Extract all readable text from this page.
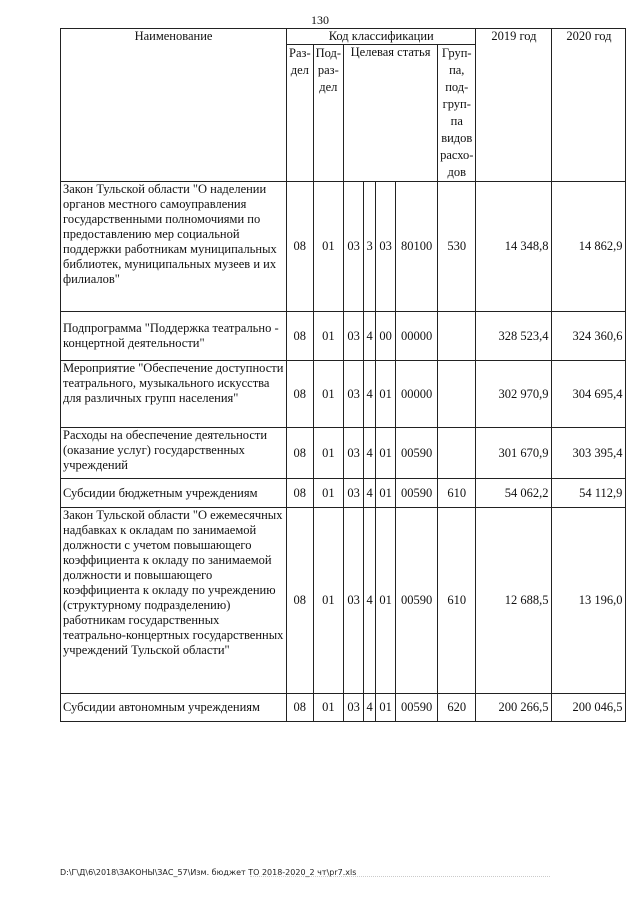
130
Наименование	Код классификации							2019 год	2020 год
	Раз-дел	Под-раз-дел	Целевая статья				Груп-па, под-груп-па видов расхо-дов		
Закон Тульской области "О наделении органов местного самоуправления государственными полномочиями по предоставлению мер социальной поддержки работникам муниципальных библиотек, муниципальных музеев и их филиалов"	08	01	03	3	03	80100	530	14 348,8	14 862,9
Подпрограмма "Поддержка театрально - концертной деятельности"	08	01	03	4	00	00000		328 523,4	324 360,6
Мероприятие "Обеспечение доступности театрального, музыкального искусства для различных групп населения"	08	01	03	4	01	00000		302 970,9	304 695,4
Расходы на обеспечение деятельности (оказание услуг) государственных учреждений	08	01	03	4	01	00590		301 670,9	303 395,4
Субсидии бюджетным учреждениям	08	01	03	4	01	00590	610	54 062,2	54 112,9
Закон Тульской области "О ежемесячных надбавках к окладам по занимаемой должности с учетом повышающего коэффициента к окладу по занимаемой должности и повышающего коэффициента к окладу по учреждению (структурному подразделению) работникам государственных театрально-концертных государственных учреждений Тульской области"	08	01	03	4	01	00590	610	12 688,5	13 196,0
Субсидии автономным учреждениям	08	01	03	4	01	00590	620	200 266,5	200 046,5
D:\Г\Д\6\2018\ЗАКОНЫ\ЗАС_57\Изм. бюджет ТО 2018-2020_2 чт\pr7.xls
